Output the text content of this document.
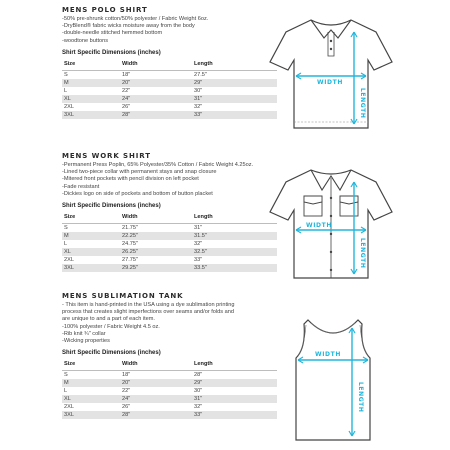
MENS POLO SHIRT
-50% pre-shrunk cotton/50% polyester / Fabric Weight 6oz.
-DryBlend® fabric wicks moisture away from the body
-double-needle stitched hemmed bottom
-woodtone buttons
Shirt Specific Dimensions (inches)
Size	Width	Length
S	18"	27.5"
M	20"	29"
L	22"	30"
XL	24"	31"
2XL	26"	32"
3XL	28"	33"
WIDTH
LENGTH
MENS WORK SHIRT
-Permanent Press Poplin, 65% Polyester/35% Cotton / Fabric Weight 4.25oz.
-Lined two-piece collar with permanent stays and snap closure
-Mitered front pockets with pencil division on left pocket
-Fade resistant
-Dickies logo on side of pockets and bottom of button placket
Shirt Specific Dimensions (inches)
Size	Width	Length
S	21.75"	31"
M	22.25"	31.5"
L	24.75"	32"
XL	26.25"	32.5"
2XL	27.75"	33"
3XL	29.25"	33.5"
WIDTH
LENGTH
MENS SUBLIMATION TANK
- This item is hand-printed in the USA using a dye sublimation printing
process that creates slight imperfections over seams and/or folds and
are unique to and a part of each item.
-100% polyester / Fabric Weight 4.5 oz.
-Rib knit ¾" collar
-Wicking properties
Shirt Specific Dimensions (inches)
Size	Width	Length
S	18"	28"
M	20"	29"
L	22"	30"
XL	24"	31"
2XL	26"	32"
3XL	28"	33"
WIDTH
LENGTH
